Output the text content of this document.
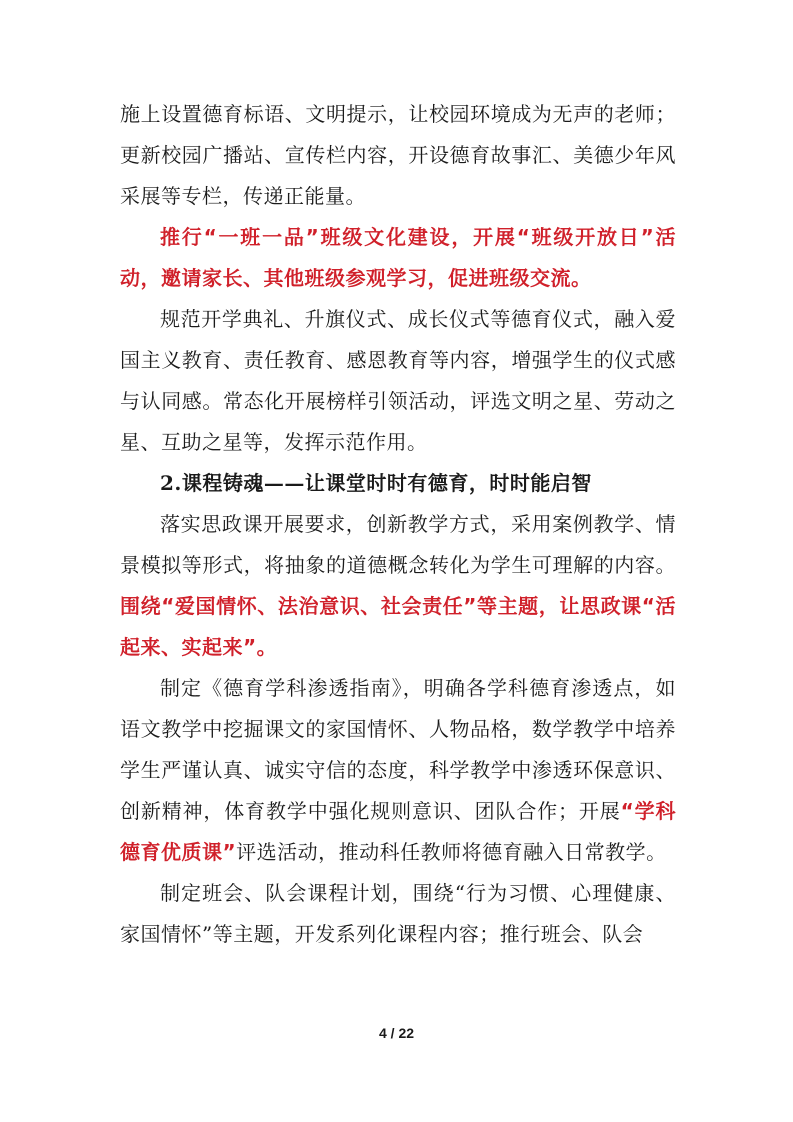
施上设置德育标语、文明提示，让校园环境成为无声的老师；更新校园广播站、宣传栏内容，开设德育故事汇、美德少年风采展等专栏，传递正能量。

推行“一班一品”班级文化建设，开展“班级开放日”活动，邀请家长、其他班级参观学习，促进班级交流。

规范开学典礼、升旗仪式、成长仪式等德育仪式，融入爱国主义教育、责任教育、感恩教育等内容，增强学生的仪式感与认同感。常态化开展榜样引领活动，评选文明之星、劳动之星、互助之星等，发挥示范作用。

2.课程铸魂——让课堂时时有德育，时时能启智

落实思政课开展要求，创新教学方式，采用案例教学、情景模拟等形式，将抽象的道德概念转化为学生可理解的内容。围绕“爱国情怀、法治意识、社会责任”等主题，让思政课“活起来、实起来”。

制定《德育学科渗透指南》，明确各学科德育渗透点，如语文教学中挖掘课文的家国情怀、人物品格，数学教学中培养学生严谨认真、诚实守信的态度，科学教学中渗透环保意识、创新精神，体育教学中强化规则意识、团队合作；开展“学科德育优质课”评选活动，推动科任教师将德育融入日常教学。

制定班会、队会课程计划，围绕“行为习惯、心理健康、家国情怀”等主题，开发系列化课程内容；推行班会、队会

4 / 22
